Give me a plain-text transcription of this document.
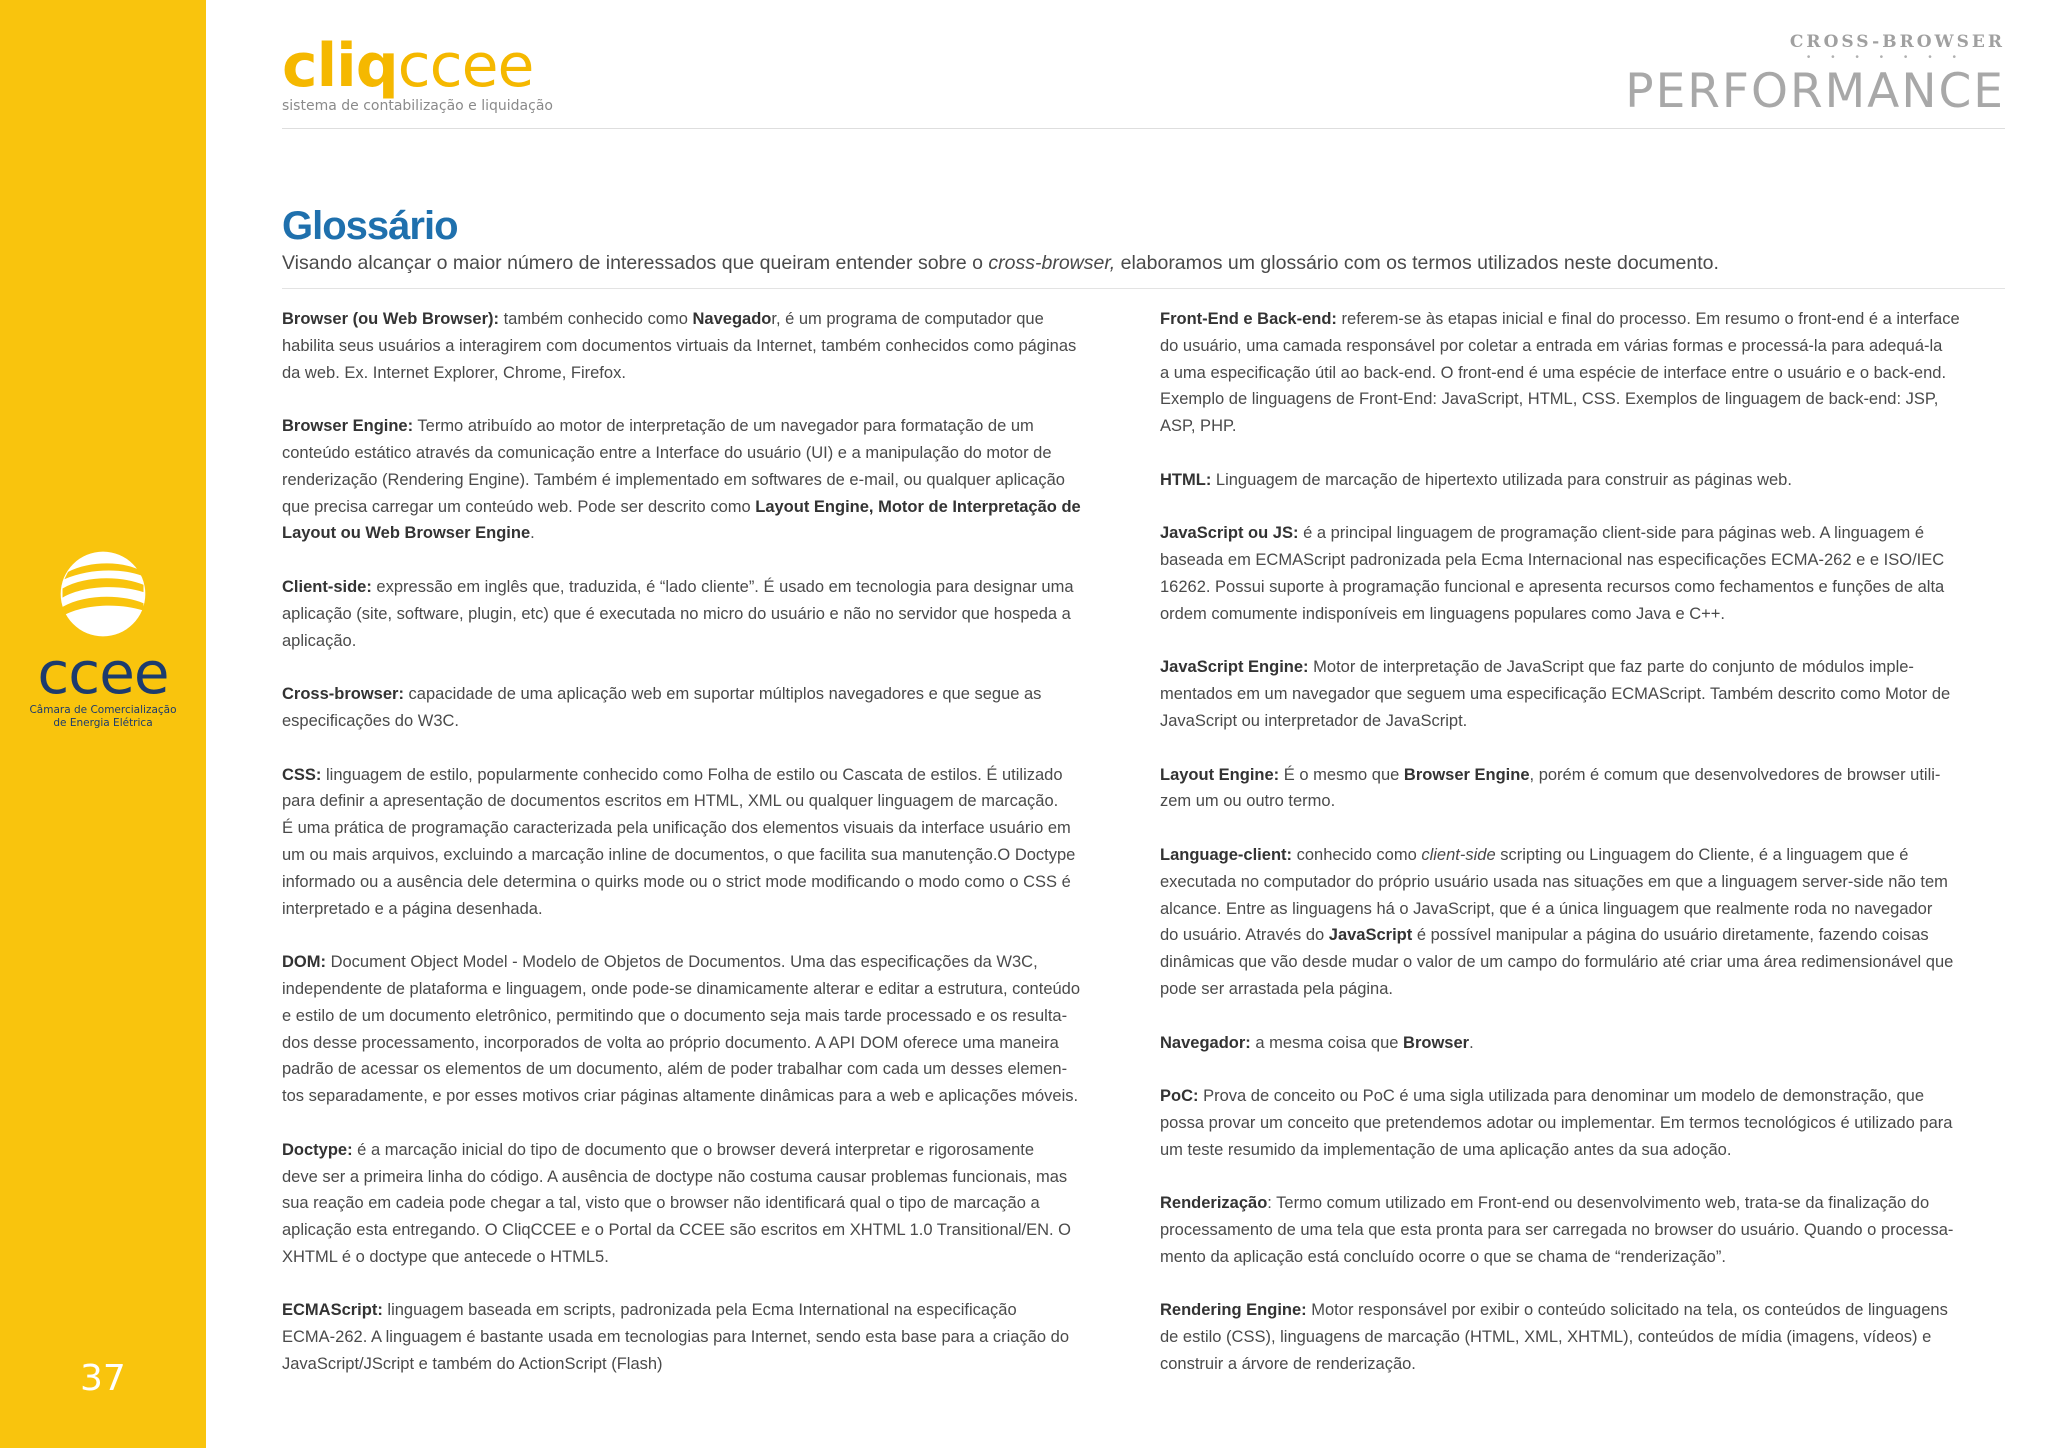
ccee
Câmara de Comercialização
de Energia Elétrica
37
cliqccee
sistema de contabilização e liquidação
CROSS-BROWSER
• • • • • • •
PERFORMANCE
Glossário
Visando alcançar o maior número de interessados que queiram entender sobre o cross-browser, elaboramos um glossário com os termos utilizados neste documento.
Browser (ou Web Browser): também conhecido como Navegador, é um programa de computador que
habilita seus usuários a interagirem com documentos virtuais da Internet, também conhecidos como páginas
da web. Ex. Internet Explorer, Chrome, Firefox.
Browser Engine: Termo atribuído ao motor de interpretação de um navegador para formatação de um
conteúdo estático através da comunicação entre a Interface do usuário (UI) e a manipulação do motor de
renderização (Rendering Engine). Também é implementado em softwares de e-mail, ou qualquer aplicação
que precisa carregar um conteúdo web. Pode ser descrito como Layout Engine, Motor de Interpretação de
Layout ou Web Browser Engine.
Client-side: expressão em inglês que, traduzida, é “lado cliente”. É usado em tecnologia para designar uma
aplicação (site, software, plugin, etc) que é executada no micro do usuário e não no servidor que hospeda a
aplicação.
Cross-browser: capacidade de uma aplicação web em suportar múltiplos navegadores e que segue as
especificações do W3C.
CSS: linguagem de estilo, popularmente conhecido como Folha de estilo ou Cascata de estilos. É utilizado
para definir a apresentação de documentos escritos em HTML, XML ou qualquer linguagem de marcação.
É uma prática de programação caracterizada pela unificação dos elementos visuais da interface usuário em
um ou mais arquivos, excluindo a marcação inline de documentos, o que facilita sua manutenção.O Doctype
informado ou a ausência dele determina o quirks mode ou o strict mode modificando o modo como o CSS é
interpretado e a página desenhada.
DOM: Document Object Model - Modelo de Objetos de Documentos. Uma das especificações da W3C,
independente de plataforma e linguagem, onde pode-se dinamicamente alterar e editar a estrutura, conteúdo
e estilo de um documento eletrônico, permitindo que o documento seja mais tarde processado e os resulta-
dos desse processamento, incorporados de volta ao próprio documento. A API DOM oferece uma maneira
padrão de acessar os elementos de um documento, além de poder trabalhar com cada um desses elemen-
tos separadamente, e por esses motivos criar páginas altamente dinâmicas para a web e aplicações móveis.
Doctype: é a marcação inicial do tipo de documento que o browser deverá interpretar e rigorosamente
deve ser a primeira linha do código. A ausência de doctype não costuma causar problemas funcionais, mas
sua reação em cadeia pode chegar a tal, visto que o browser não identificará qual o tipo de marcação a
aplicação esta entregando. O CliqCCEE e o Portal da CCEE são escritos em XHTML 1.0 Transitional/EN. O
XHTML é o doctype que antecede o HTML5.
ECMAScript: linguagem baseada em scripts, padronizada pela Ecma International na especificação
ECMA-262. A linguagem é bastante usada em tecnologias para Internet, sendo esta base para a criação do
JavaScript/JScript e também do ActionScript (Flash)
Front-End e Back-end: referem-se às etapas inicial e final do processo. Em resumo o front-end é a interface
do usuário, uma camada responsável por coletar a entrada em várias formas e processá-la para adequá-la
a uma especificação útil ao back-end. O front-end é uma espécie de interface entre o usuário e o back-end.
Exemplo de linguagens de Front-End: JavaScript, HTML, CSS. Exemplos de linguagem de back-end: JSP,
ASP, PHP.
HTML: Linguagem de marcação de hipertexto utilizada para construir as páginas web.
JavaScript ou JS: é a principal linguagem de programação client-side para páginas web. A linguagem é
baseada em ECMAScript padronizada pela Ecma Internacional nas especificações ECMA-262 e e ISO/IEC
16262. Possui suporte à programação funcional e apresenta recursos como fechamentos e funções de alta
ordem comumente indisponíveis em linguagens populares como Java e C++.
JavaScript Engine: Motor de interpretação de JavaScript que faz parte do conjunto de módulos imple-
mentados em um navegador que seguem uma especificação ECMAScript. Também descrito como Motor de
JavaScript ou interpretador de JavaScript.
Layout Engine: É o mesmo que Browser Engine, porém é comum que desenvolvedores de browser utili-
zem um ou outro termo.
Language-client: conhecido como client-side scripting ou Linguagem do Cliente, é a linguagem que é
executada no computador do próprio usuário usada nas situações em que a linguagem server-side não tem
alcance. Entre as linguagens há o JavaScript, que é a única linguagem que realmente roda no navegador
do usuário. Através do JavaScript é possível manipular a página do usuário diretamente, fazendo coisas
dinâmicas que vão desde mudar o valor de um campo do formulário até criar uma área redimensionável que
pode ser arrastada pela página.
Navegador: a mesma coisa que Browser.
PoC: Prova de conceito ou PoC é uma sigla utilizada para denominar um modelo de demonstração, que
possa provar um conceito que pretendemos adotar ou implementar. Em termos tecnológicos é utilizado para
um teste resumido da implementação de uma aplicação antes da sua adoção.
Renderização: Termo comum utilizado em Front-end ou desenvolvimento web, trata-se da finalização do
processamento de uma tela que esta pronta para ser carregada no browser do usuário. Quando o processa-
mento da aplicação está concluído ocorre o que se chama de “renderização”.
Rendering Engine: Motor responsável por exibir o conteúdo solicitado na tela, os conteúdos de linguagens
de estilo (CSS), linguagens de marcação (HTML, XML, XHTML), conteúdos de mídia (imagens, vídeos) e
construir a árvore de renderização.
